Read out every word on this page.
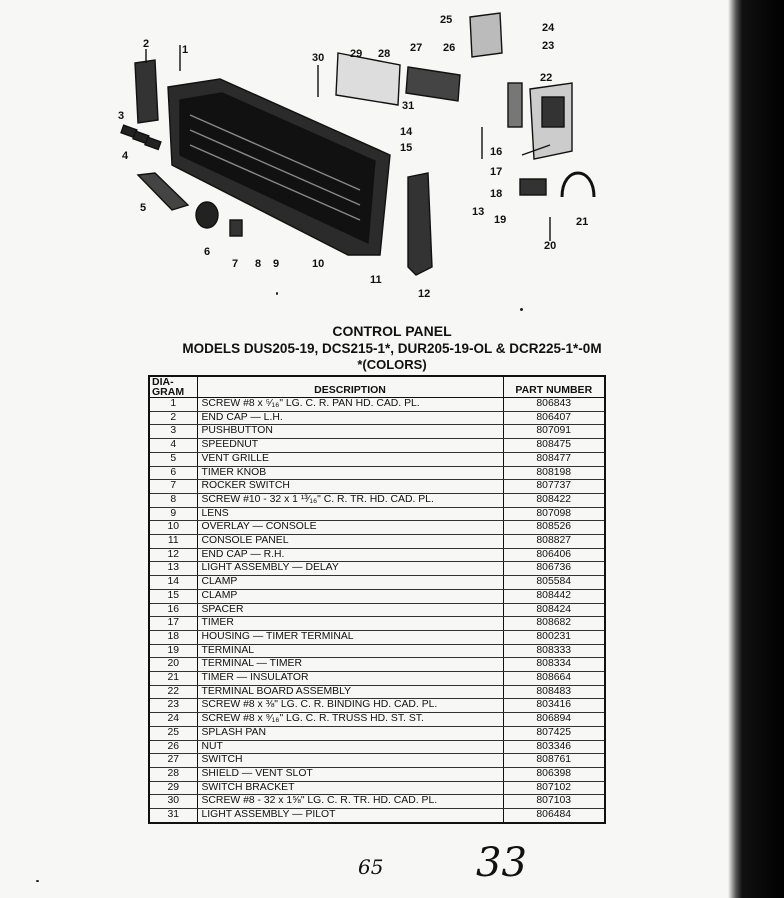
1
2
3
4
5
6
7 8 9	10
11
12
13
14
15	16
17
18
19
20
21
22
23
24
25
26
27
28
29
30
31
CONTROL PANEL
MODELS DUS205-19, DCS215-1*, DUR205-19-OL & DCR225-1*-0M
*(COLORS)
DIA-
GRAM	DESCRIPTION	PART NUMBER
1	SCREW #8 x ⁵⁄₁₆" LG. C. R. PAN HD. CAD. PL.	806843
2	END CAP — L.H.	806407
3	PUSHBUTTON	807091
4	SPEEDNUT	808475
5	VENT GRILLE	808477
6	TIMER KNOB	808198
7	ROCKER SWITCH	807737
8	SCREW #10 - 32 x 1 ¹³⁄₁₆" C. R. TR. HD. CAD. PL.	808422
9	LENS	807098
10	OVERLAY — CONSOLE	808526
11	CONSOLE PANEL	808827
12	END CAP — R.H.	806406
13	LIGHT ASSEMBLY — DELAY	806736
14	CLAMP	805584
15	CLAMP	808442
16	SPACER	808424
17	TIMER	808682
18	HOUSING — TIMER TERMINAL	800231
19	TERMINAL	808333
20	TERMINAL — TIMER	808334
21	TIMER — INSULATOR	808664
22	TERMINAL BOARD ASSEMBLY	808483
23	SCREW #8 x ⅜" LG. C. R. BINDING HD. CAD. PL.	803416
24	SCREW #8 x ⁹⁄₁₆" LG. C. R. TRUSS HD. ST. ST.	806894
25	SPLASH PAN	807425
26	NUT	803346
27	SWITCH	808761
28	SHIELD — VENT SLOT	806398
29	SWITCH BRACKET	807102
30	SCREW #8 - 32 x 1⅝" LG. C. R. TR. HD. CAD. PL.	807103
31	LIGHT ASSEMBLY — PILOT	806484
65 33
